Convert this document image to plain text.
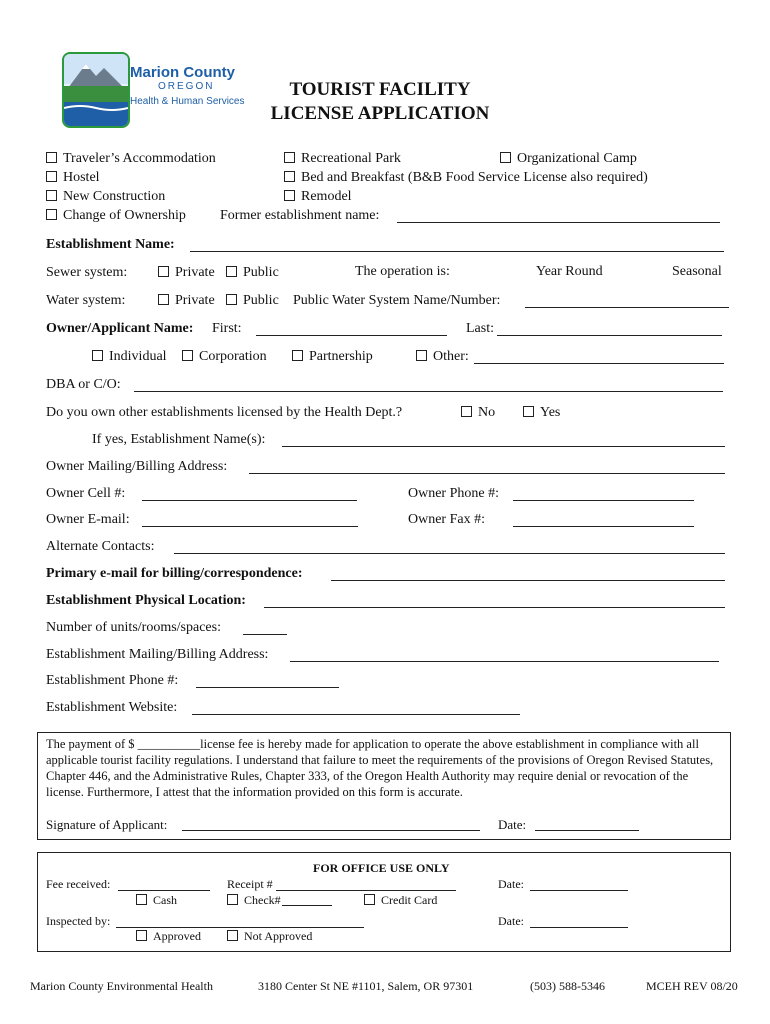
Marion County
OREGON
Health & Human Services
TOURIST FACILITY
LICENSE APPLICATION
Traveler’s Accommodation	Recreational Park	Organizational Camp
Hostel	Bed and Breakfast (B&B Food Service License also required)
New Construction	Remodel
Change of Ownership Former establishment name:
Establishment Name:
Sewer system:	Private	Public	The operation is:	Year Round	Seasonal
Water system:	Private	Public Public Water System Name/Number:
Owner/Applicant Name: First:	Last:
Individual	Corporation	Partnership	Other:
DBA or C/O:
Do you own other establishments licensed by the Health Dept.?	No	Yes
If yes, Establishment Name(s):
Owner Mailing/Billing Address:
Owner Cell #:	Owner Phone #:
Owner E-mail:	Owner Fax #:
Alternate Contacts:
Primary e-mail for billing/correspondence:
Establishment Physical Location:
Number of units/rooms/spaces:
Establishment Mailing/Billing Address:
Establishment Phone #:
Establishment Website:
The payment of $ __________license fee is hereby made for application to operate the above establishment in compliance with all applicable tourist facility regulations. I understand that failure to meet the requirements of the provisions of Oregon Revised Statutes, Chapter 446, and the Administrative Rules, Chapter 333, of the Oregon Health Authority may require denial or revocation of the license. Furthermore, I attest that the information provided on this form is accurate.
Signature of Applicant:	Date:
FOR OFFICE USE ONLY
Fee received:	Receipt #	Date:
Cash	Check#	Credit Card
Inspected by:	Date:
Approved	Not Approved
Marion County Environmental Health	3180 Center St NE #1101, Salem, OR 97301	(503) 588-5346	MCEH REV 08/20
